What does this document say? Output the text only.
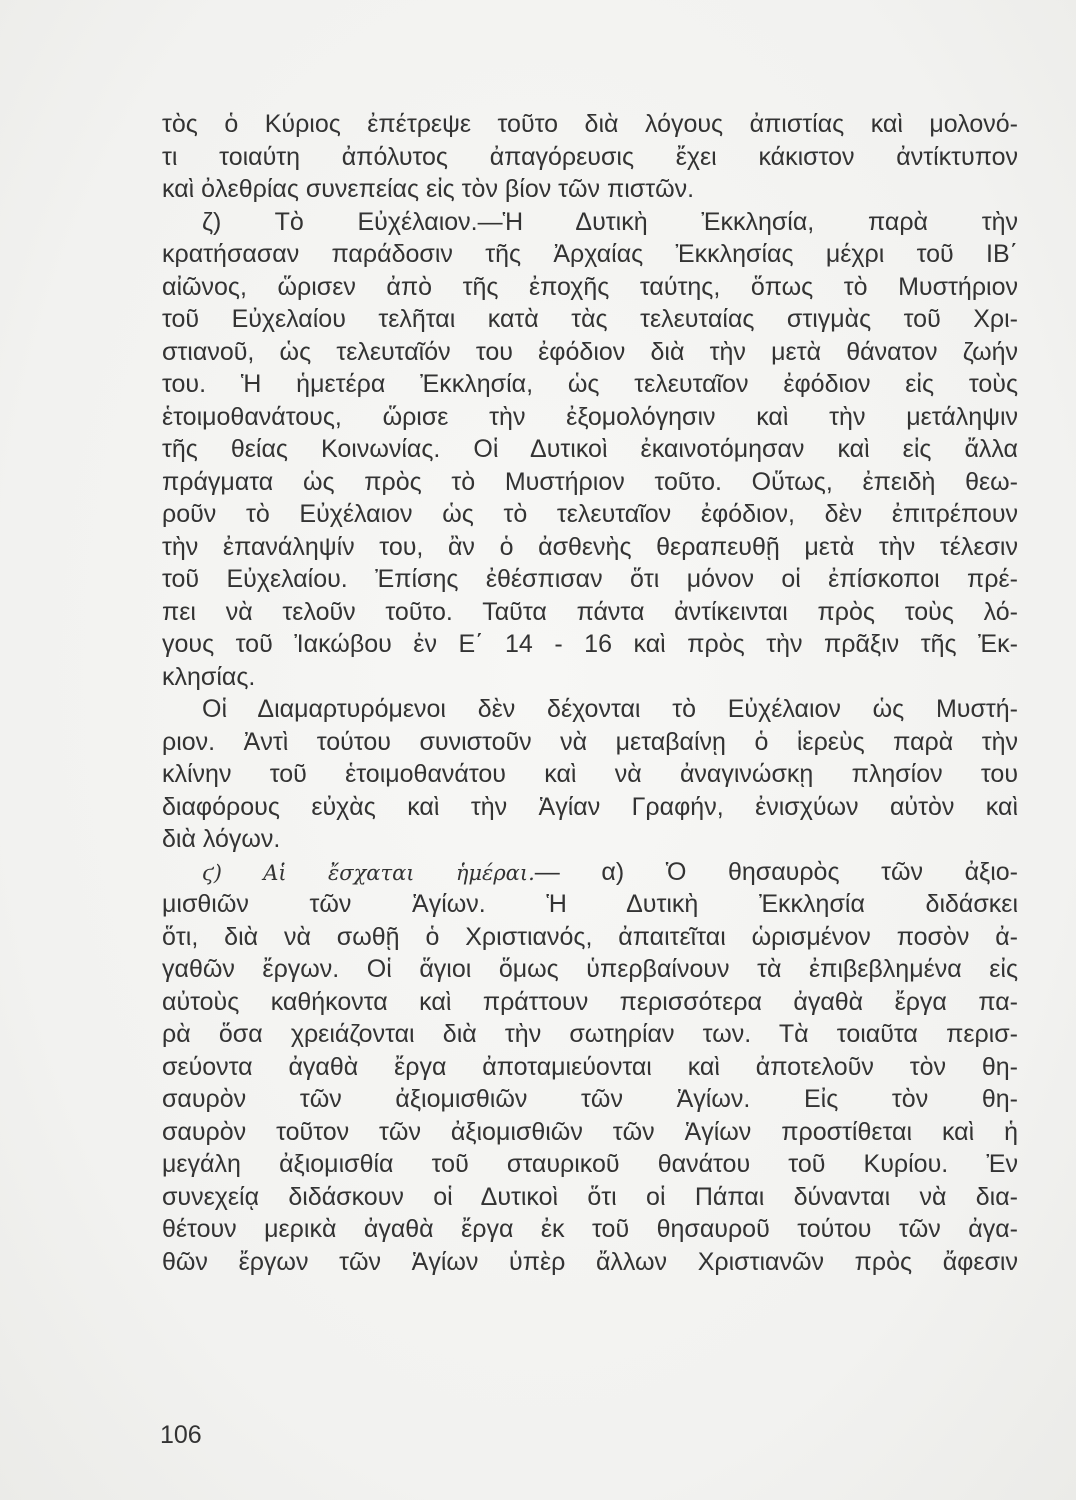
τὸς ὁ Κύριος ἐπέτρεψε τοῦτο διὰ λόγους ἀπιστίας καὶ μολονό-
τι τοιαύτη ἀπόλυτος ἀπαγόρευσις ἔχει κάκιστον ἀντίκτυπον
καὶ ὀλεθρίας συνεπείας εἰς τὸν βίον τῶν πιστῶν.
ζ) Τὸ Εὐχέλαιον.—Ἡ Δυτικὴ Ἐκκλησία, παρὰ τὴν
κρατήσασαν παράδοσιν τῆς Ἀρχαίας Ἐκκλησίας μέχρι τοῦ ΙΒ΄
αἰῶνος, ὥρισεν ἀπὸ τῆς ἐποχῆς ταύτης, ὅπως τὸ Μυστήριον
τοῦ Εὐχελαίου τελῆται κατὰ τὰς τελευταίας στιγμὰς τοῦ Χρι-
στιανοῦ, ὡς τελευταῖόν του ἐφόδιον διὰ τὴν μετὰ θάνατον ζωήν
του. Ἡ ἡμετέρα Ἐκκλησία, ὡς τελευταῖον ἐφόδιον εἰς τοὺς
ἑτοιμοθανάτους, ὥρισε τὴν ἐξομολόγησιν καὶ τὴν μετάληψιν
τῆς θείας Κοινωνίας. Οἱ Δυτικοὶ ἐκαινοτόμησαν καὶ εἰς ἄλλα
πράγματα ὡς πρὸς τὸ Μυστήριον τοῦτο. Οὕτως, ἐπειδὴ θεω-
ροῦν τὸ Εὐχέλαιον ὡς τὸ τελευταῖον ἐφόδιον, δὲν ἐπιτρέπουν
τὴν ἐπανάληψίν του, ἂν ὁ ἀσθενὴς θεραπευθῇ μετὰ τὴν τέλεσιν
τοῦ Εὐχελαίου. Ἐπίσης ἐθέσπισαν ὅτι μόνον οἱ ἐπίσκοποι πρέ-
πει νὰ τελοῦν τοῦτο. Ταῦτα πάντα ἀντίκεινται πρὸς τοὺς λό-
γους τοῦ Ἰακώβου ἐν Ε΄ 14 - 16 καὶ πρὸς τὴν πρᾶξιν τῆς Ἐκ-
κλησίας.
Οἱ Διαμαρτυρόμενοι δὲν δέχονται τὸ Εὐχέλαιον ὡς Μυστή-
ριον. Ἀντὶ τούτου συνιστοῦν νὰ μεταβαίνῃ ὁ ἱερεὺς παρὰ τὴν
κλίνην τοῦ ἑτοιμοθανάτου καὶ νὰ ἀναγινώσκῃ πλησίον του
διαφόρους εὐχὰς καὶ τὴν Ἁγίαν Γραφήν, ἐνισχύων αὐτὸν καὶ
διὰ λόγων.
ϛ) Αἱ ἔσχαται ἡμέραι.— α) Ὁ θησαυρὸς τῶν ἀξιο-
μισθιῶν τῶν Ἁγίων. Ἡ Δυτικὴ Ἐκκλησία διδάσκει
ὅτι, διὰ νὰ σωθῇ ὁ Χριστιανός, ἀπαιτεῖται ὡρισμένον ποσὸν ἀ-
γαθῶν ἔργων. Οἱ ἅγιοι ὅμως ὑπερβαίνουν τὰ ἐπιβεβλημένα εἰς
αὐτοὺς καθήκοντα καὶ πράττουν περισσότερα ἀγαθὰ ἔργα πα-
ρὰ ὅσα χρειάζονται διὰ τὴν σωτηρίαν των. Τὰ τοιαῦτα περισ-
σεύοντα ἀγαθὰ ἔργα ἀποταμιεύονται καὶ ἀποτελοῦν τὸν θη-
σαυρὸν τῶν ἀξιομισθιῶν τῶν Ἁγίων. Εἰς τὸν θη-
σαυρὸν τοῦτον τῶν ἀξιομισθιῶν τῶν Ἁγίων προστίθεται καὶ ἡ
μεγάλη ἀξιομισθία τοῦ σταυρικοῦ θανάτου τοῦ Κυρίου. Ἐν
συνεχείᾳ διδάσκουν οἱ Δυτικοὶ ὅτι οἱ Πάπαι δύνανται νὰ δια-
θέτουν μερικὰ ἀγαθὰ ἔργα ἐκ τοῦ θησαυροῦ τούτου τῶν ἀγα-
θῶν ἔργων τῶν Ἁγίων ὑπὲρ ἄλλων Χριστιανῶν πρὸς ἄφεσιν
106
